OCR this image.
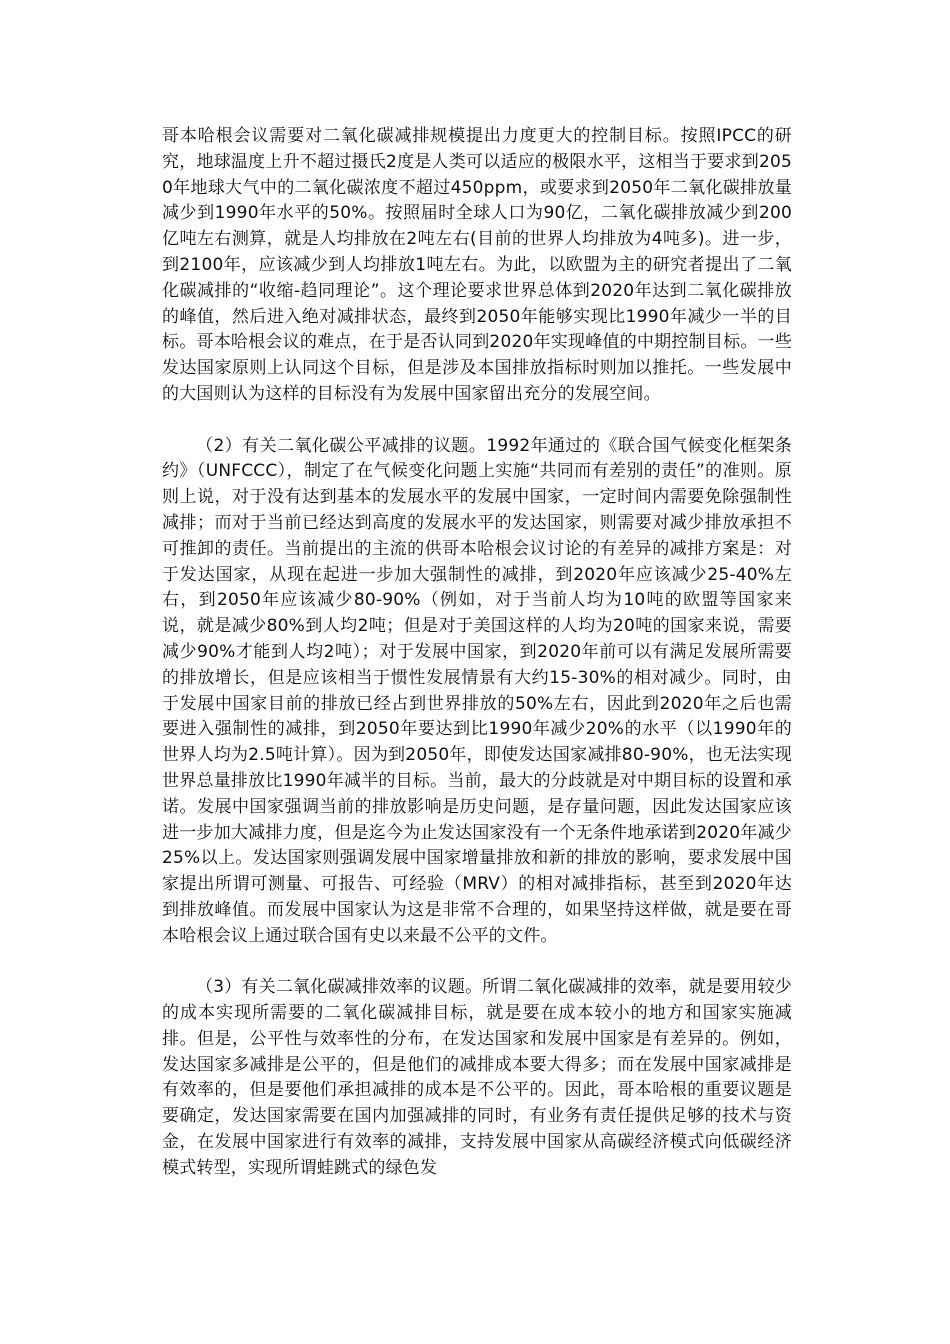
哥本哈根会议需要对二氧化碳减排规模提出力度更大的控制目标。按照IPCC的研究，地球温度上升不超过摄氏2度是人类可以适应的极限水平，这相当于要求到2050年地球大气中的二氧化碳浓度不超过450ppm，或要求到2050年二氧化碳排放量减少到1990年水平的50%。按照届时全球人口为90亿，二氧化碳排放减少到200亿吨左右测算，就是人均排放在2吨左右(目前的世界人均排放为4吨多)。进一步，到2100年，应该减少到人均排放1吨左右。为此，以欧盟为主的研究者提出了二氧化碳减排的“收缩-趋同理论”。这个理论要求世界总体到2020年达到二氧化碳排放的峰值，然后进入绝对减排状态，最终到2050年能够实现比1990年减少一半的目标。哥本哈根会议的难点，在于是否认同到2020年实现峰值的中期控制目标。一些发达国家原则上认同这个目标，但是涉及本国排放指标时则加以推托。一些发展中的大国则认为这样的目标没有为发展中国家留出充分的发展空间。

（2）有关二氧化碳公平减排的议题。1992年通过的《联合国气候变化框架条约》（UNFCCC），制定了在气候变化问题上实施“共同而有差别的责任”的准则。原则上说，对于没有达到基本的发展水平的发展中国家，一定时间内需要免除强制性减排；而对于当前已经达到高度的发展水平的发达国家，则需要对减少排放承担不可推卸的责任。当前提出的主流的供哥本哈根会议讨论的有差异的减排方案是：对于发达国家，从现在起进一步加大强制性的减排，到2020年应该减少25-40%左右，到2050年应该减少80-90%（例如，对于当前人均为10吨的欧盟等国家来说，就是减少80%到人均2吨；但是对于美国这样的人均为20吨的国家来说，需要减少90%才能到人均2吨）；对于发展中国家，到2020年前可以有满足发展所需要的排放增长，但是应该相当于惯性发展情景有大约15-30%的相对减少。同时，由于发展中国家目前的排放已经占到世界排放的50%左右，因此到2020年之后也需要进入强制性的减排，到2050年要达到比1990年减少20%的水平（以1990年的世界人均为2.5吨计算）。因为到2050年，即使发达国家减排80-90%，也无法实现世界总量排放比1990年减半的目标。当前，最大的分歧就是对中期目标的设置和承诺。发展中国家强调当前的排放影响是历史问题，是存量问题，因此发达国家应该进一步加大减排力度，但是迄今为止发达国家没有一个无条件地承诺到2020年减少25%以上。发达国家则强调发展中国家增量排放和新的排放的影响，要求发展中国家提出所谓可测量、可报告、可经验（MRV）的相对减排指标，甚至到2020年达到排放峰值。而发展中国家认为这是非常不合理的，如果坚持这样做，就是要在哥本哈根会议上通过联合国有史以来最不公平的文件。

（3）有关二氧化碳减排效率的议题。所谓二氧化碳减排的效率，就是要用较少的成本实现所需要的二氧化碳减排目标，就是要在成本较小的地方和国家实施减排。但是，公平性与效率性的分布，在发达国家和发展中国家是有差异的。例如，发达国家多减排是公平的，但是他们的减排成本要大得多；而在发展中国家减排是有效率的，但是要他们承担减排的成本是不公平的。因此，哥本哈根的重要议题是要确定，发达国家需要在国内加强减排的同时，有业务有责任提供足够的技术与资金，在发展中国家进行有效率的减排，支持发展中国家从高碳经济模式向低碳经济模式转型，实现所谓蛙跳式的绿色发
